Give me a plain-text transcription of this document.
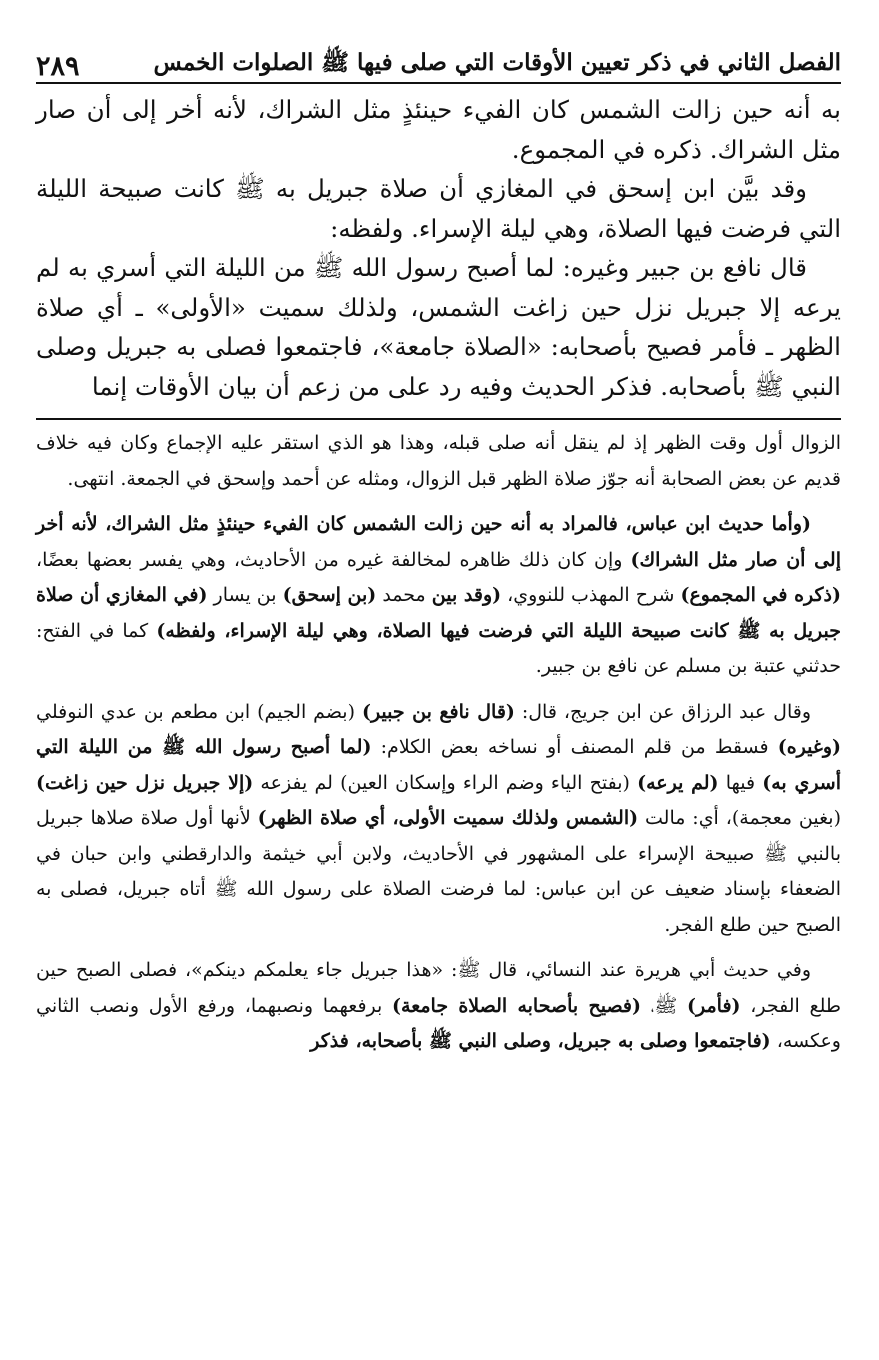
الفصل الثاني في ذكر تعيين الأوقات التي صلى فيها ﷺ الصلوات الخمس
٢٨٩

به أنه حين زالت الشمس كان الفيء حينئذٍ مثل الشراك، لأنه أخر إلى أن صار مثل الشراك. ذكره في المجموع.

وقد بيَّن ابن إسحق في المغازي أن صلاة جبريل به ﷺ كانت صبيحة الليلة التي فرضت فيها الصلاة، وهي ليلة الإسراء. ولفظه:

قال نافع بن جبير وغيره: لما أصبح رسول الله ﷺ من الليلة التي أسري به لم يرعه إلا جبريل نزل حين زاغت الشمس، ولذلك سميت «الأولى» ـ أي صلاة الظهر ـ فأمر فصيح بأصحابه: «الصلاة جامعة»، فاجتمعوا فصلى به جبريل وصلى النبي ﷺ بأصحابه. فذكر الحديث وفيه رد على من زعم أن بيان الأوقات إنما

الزوال أول وقت الظهر إذ لم ينقل أنه صلى قبله، وهذا هو الذي استقر عليه الإجماع وكان فيه خلاف قديم عن بعض الصحابة أنه جوّز صلاة الظهر قبل الزوال، ومثله عن أحمد وإسحق في الجمعة. انتهى.

(وأما حديث ابن عباس، فالمراد به أنه حين زالت الشمس كان الفيء حينئذٍ مثل الشراك، لأنه أخر إلى أن صار مثل الشراك) وإن كان ذلك ظاهره لمخالفة غيره من الأحاديث، وهي يفسر بعضها بعضًا، (ذكره في المجموع) شرح المهذب للنووي، (وقد بين محمد (بن إسحق) بن يسار (في المغازي أن صلاة جبريل به ﷺ كانت صبيحة الليلة التي فرضت فيها الصلاة، وهي ليلة الإسراء، ولفظه) كما في الفتح: حدثني عتبة بن مسلم عن نافع بن جبير.

وقال عبد الرزاق عن ابن جريج، قال: (قال نافع بن جبير) (بضم الجيم) ابن مطعم بن عدي النوفلي (وغيره) فسقط من قلم المصنف أو نساخه بعض الكلام: (لما أصبح رسول الله ﷺ من الليلة التي أسري به) فيها (لم يرعه) (بفتح الياء وضم الراء وإسكان العين) لم يفزعه (إلا جبريل نزل حين زاغت) (بغين معجمة)، أي: مالت (الشمس ولذلك سميت الأولى، أي صلاة الظهر) لأنها أول صلاة صلاها جبريل بالنبي ﷺ صبيحة الإسراء على المشهور في الأحاديث، ولابن أبي خيثمة والدارقطني وابن حبان في الضعفاء بإسناد ضعيف عن ابن عباس: لما فرضت الصلاة على رسول الله ﷺ أتاه جبريل، فصلى به الصبح حين طلع الفجر.

وفي حديث أبي هريرة عند النسائي، قال ﷺ: «هذا جبريل جاء يعلمكم دينكم»، فصلى الصبح حين طلع الفجر، (فأمر) ﷺ، (فصيح بأصحابه الصلاة جامعة) برفعهما ونصبهما، ورفع الأول ونصب الثاني وعكسه، (فاجتمعوا وصلى به جبريل، وصلى النبي ﷺ بأصحابه، فذكر
